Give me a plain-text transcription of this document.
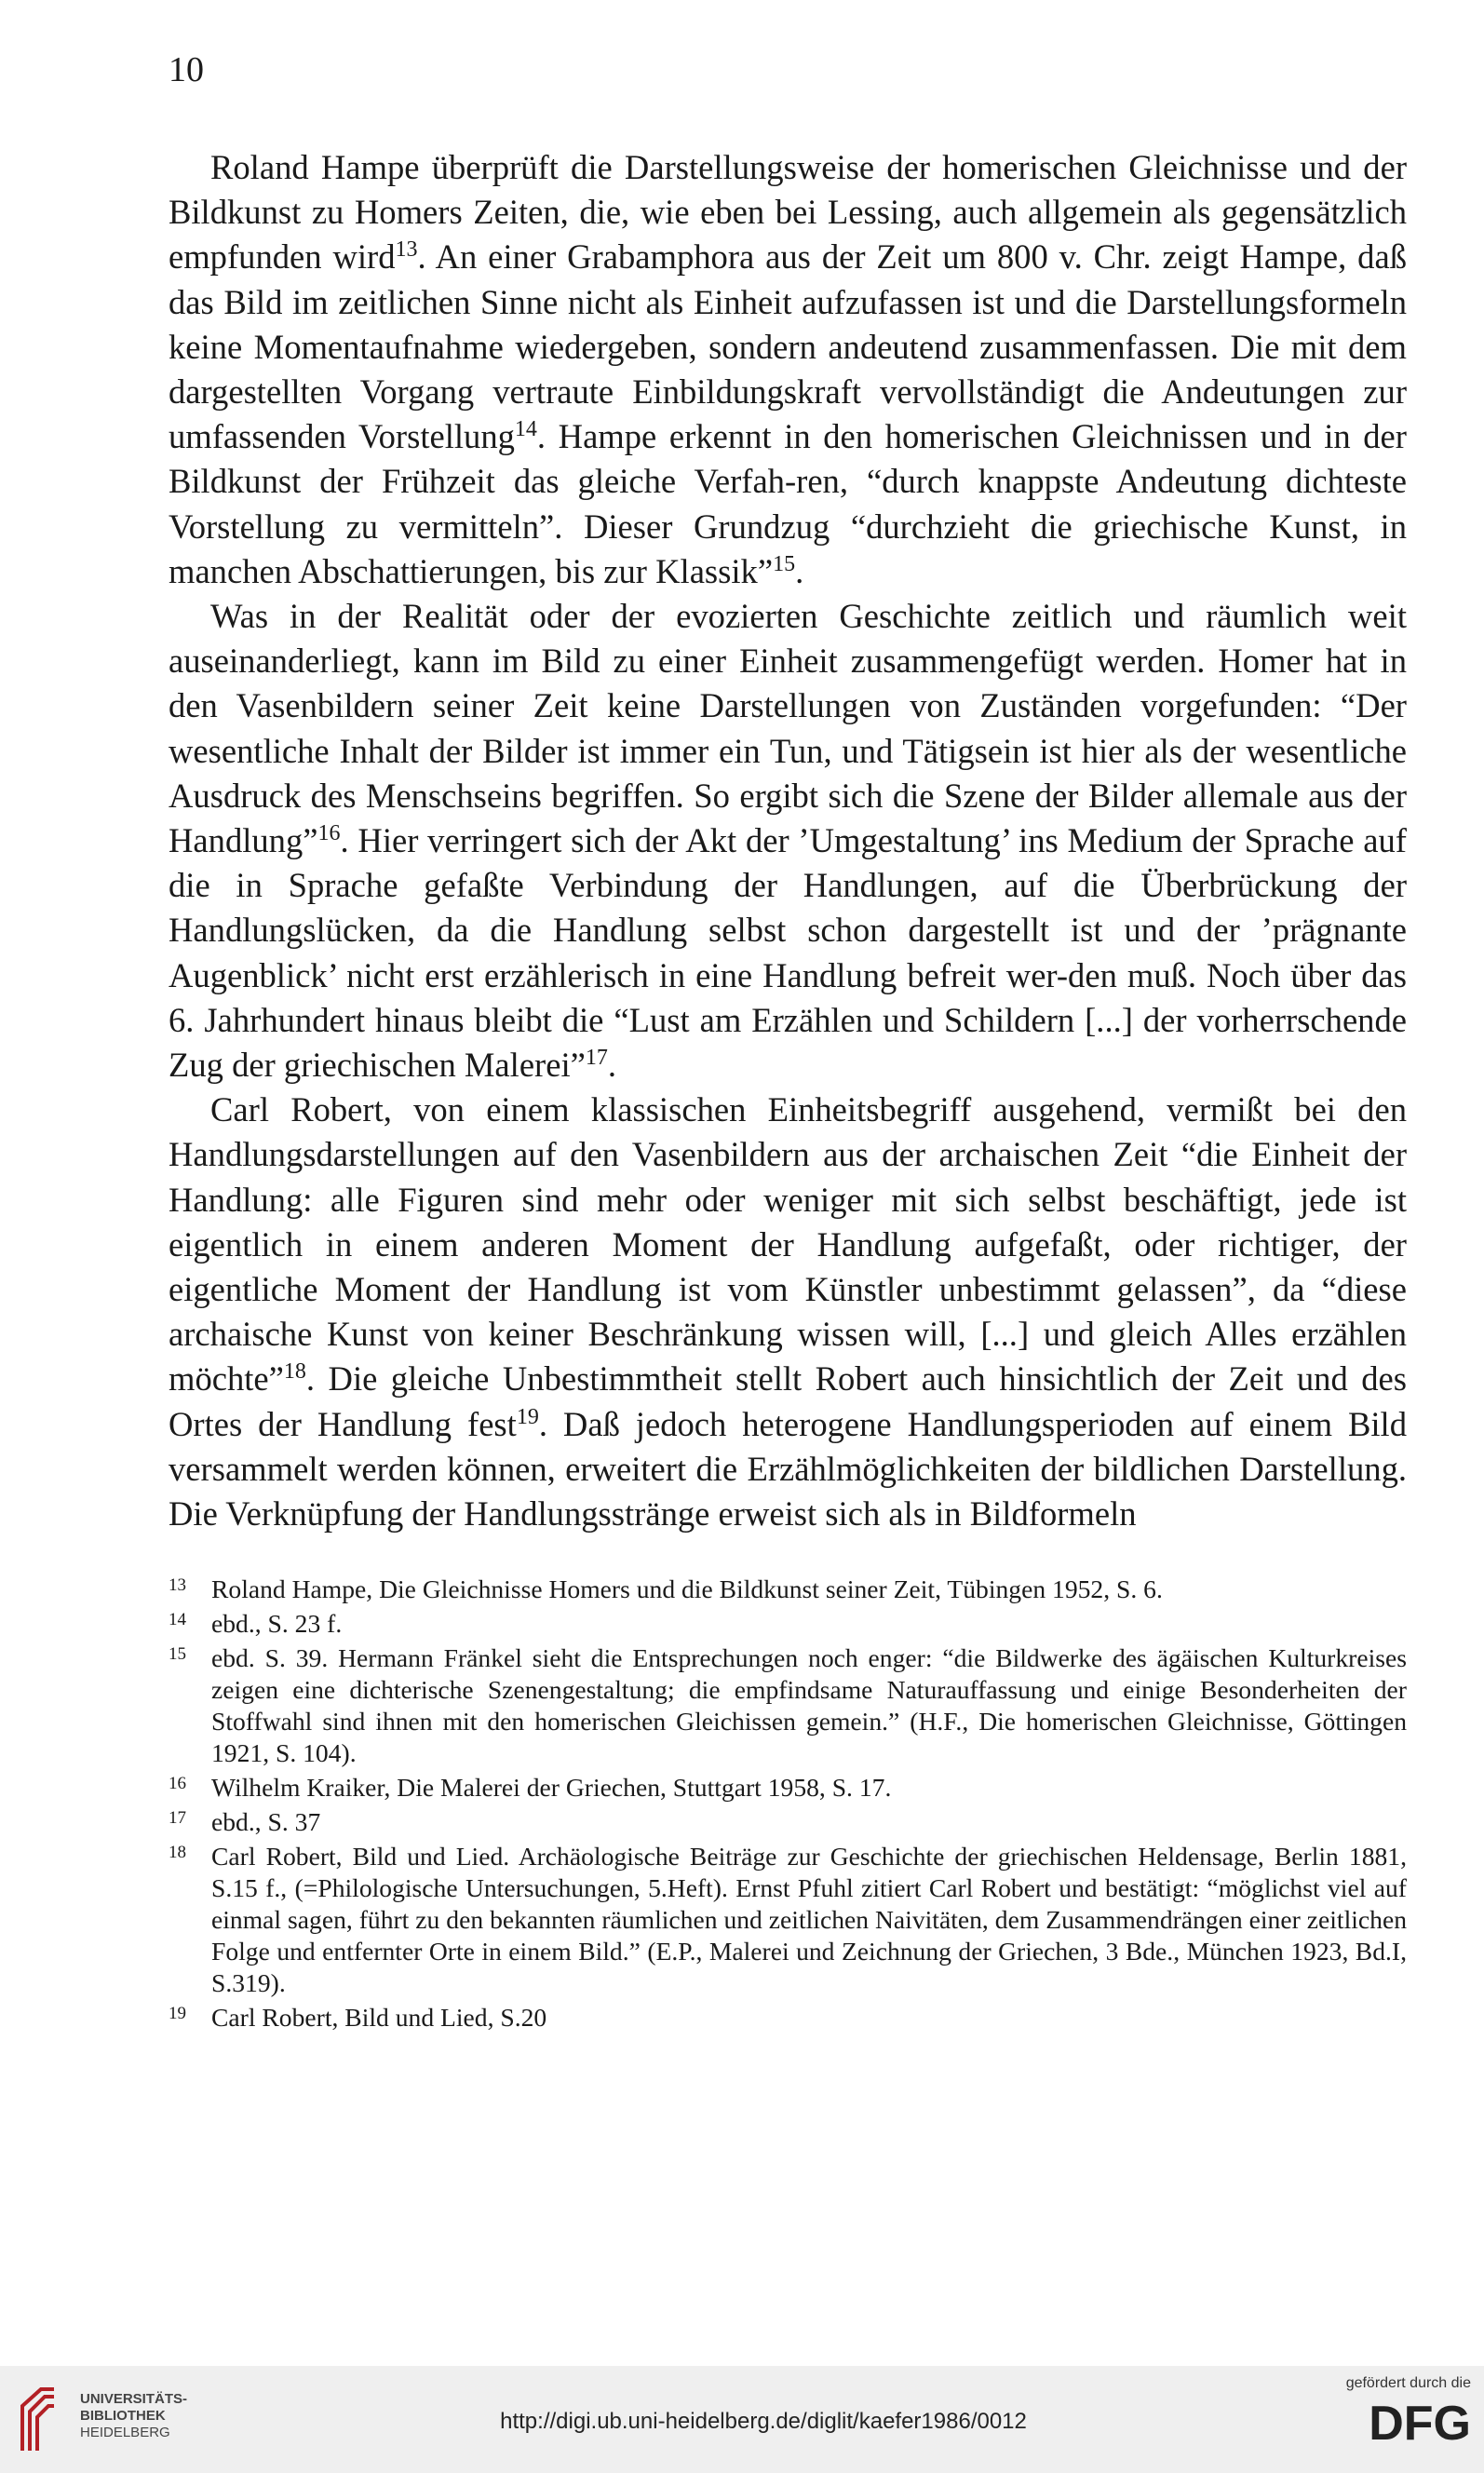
10

Roland Hampe überprüft die Darstellungsweise der homerischen Gleichnisse und der Bildkunst zu Homers Zeiten, die, wie eben bei Lessing, auch allgemein als gegensätzlich empfunden wird$^{13}$. An einer Grabamphora aus der Zeit um 800 v. Chr. zeigt Hampe, daß das Bild im zeitlichen Sinne nicht als Einheit aufzufassen ist und die Darstellungsformeln keine Momentaufnahme wiedergeben, sondern andeutend zusammenfassen. Die mit dem dargestellten Vorgang vertraute Einbildungskraft vervollständigt die Andeutungen zur umfassenden Vorstellung$^{14}$. Hampe erkennt in den homerischen Gleichnissen und in der Bildkunst der Frühzeit das gleiche Verfah-ren, “durch knappste Andeutung dichteste Vorstellung zu vermitteln”. Dieser Grundzug “durchzieht die griechische Kunst, in manchen Abschattierungen, bis zur Klassik”$^{15}$.

Was in der Realität oder der evozierten Geschichte zeitlich und räumlich weit auseinanderliegt, kann im Bild zu einer Einheit zusammengefügt werden. Homer hat in den Vasenbildern seiner Zeit keine Darstellungen von Zuständen vorgefunden: “Der wesentliche Inhalt der Bilder ist immer ein Tun, und Tätigsein ist hier als der wesentliche Ausdruck des Menschseins begriffen. So ergibt sich die Szene der Bilder allemale aus der Handlung”$^{16}$. Hier verringert sich der Akt der ’Umgestaltung’ ins Medium der Sprache auf die in Sprache gefaßte Verbindung der Handlungen, auf die Überbrückung der Handlungslücken, da die Handlung selbst schon dargestellt ist und der ’prägnante Augenblick’ nicht erst erzählerisch in eine Handlung befreit wer-den muß. Noch über das 6. Jahrhundert hinaus bleibt die “Lust am Erzählen und Schildern [...] der vorherrschende Zug der griechischen Malerei”$^{17}$.

Carl Robert, von einem klassischen Einheitsbegriff ausgehend, vermißt bei den Handlungsdarstellungen auf den Vasenbildern aus der archaischen Zeit “die Einheit der Handlung: alle Figuren sind mehr oder weniger mit sich selbst beschäftigt, jede ist eigentlich in einem anderen Moment der Handlung aufgefaßt, oder richtiger, der eigentliche Moment der Handlung ist vom Künstler unbestimmt gelassen”, da “diese archaische Kunst von keiner Beschränkung wissen will, [...] und gleich Alles erzählen möchte”$^{18}$. Die gleiche Unbestimmtheit stellt Robert auch hinsichtlich der Zeit und des Ortes der Handlung fest$^{19}$. Daß jedoch heterogene Handlungsperioden auf einem Bild versammelt werden können, erweitert die Erzählmöglichkeiten der bildlichen Darstellung. Die Verknüpfung der Handlungsstränge erweist sich als in Bildformeln

13 Roland Hampe, Die Gleichnisse Homers und die Bildkunst seiner Zeit, Tübingen 1952, S. 6.
14 ebd., S. 23 f.
15 ebd. S. 39. Hermann Fränkel sieht die Entsprechungen noch enger: “die Bildwerke des ägäischen Kulturkreises zeigen eine dichterische Szenengestaltung; die empfindsame Naturauffassung und einige Besonderheiten der Stoffwahl sind ihnen mit den homerischen Gleichissen gemein.” (H.F., Die homerischen Gleichnisse, Göttingen 1921, S. 104).
16 Wilhelm Kraiker, Die Malerei der Griechen, Stuttgart 1958, S. 17.
17 ebd., S. 37
18 Carl Robert, Bild und Lied. Archäologische Beiträge zur Geschichte der griechischen Heldensage, Berlin 1881, S.15 f., (=Philologische Untersuchungen, 5.Heft). Ernst Pfuhl zitiert Carl Robert und bestätigt: “möglichst viel auf einmal sagen, führt zu den bekannten räumlichen und zeitlichen Naivitäten, dem Zusammendrängen einer zeitlichen Folge und entfernter Orte in einem Bild.” (E.P., Malerei und Zeichnung der Griechen, 3 Bde., München 1923, Bd.I, S.319).
19 Carl Robert, Bild und Lied, S.20
UNIVERSITÄTS-
BIBLIOTHEK
HEIDELBERG	http://digi.ub.uni-heidelberg.de/diglit/kaefer1986/0012
gefördert durch die
DFG
